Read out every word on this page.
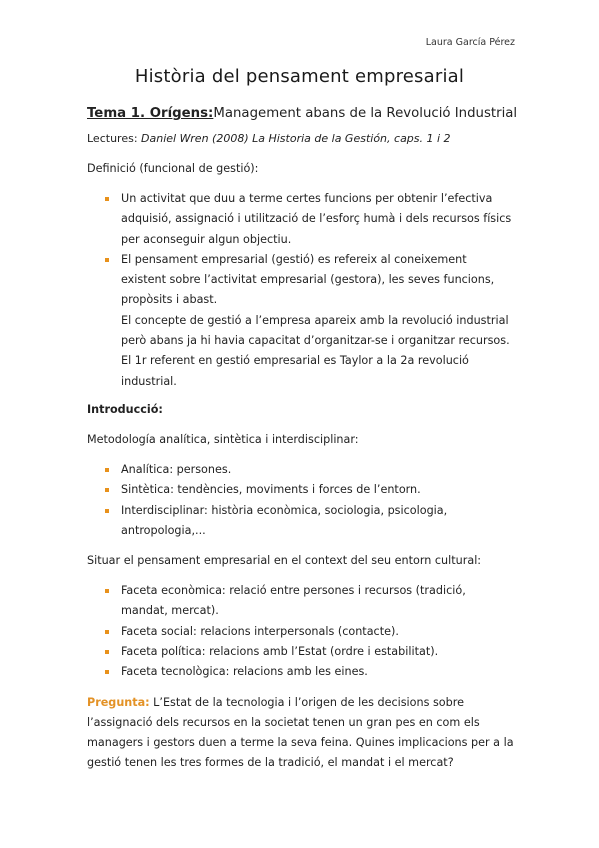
Laura García Pérez
Història del pensament empresarial
Tema 1. Orígens: Management abans de la Revolució Industrial

Lectures: Daniel Wren (2008) La Historia de la Gestión, caps. 1 i 2

Definició (funcional de gestió):

Un activitat que duu a terme certes funcions per obtenir l’efectiva adquisió, assignació i utilització de l’esforç humà i dels recursos físics per aconseguir algun objectiu.
El pensament empresarial (gestió) es refereix al coneixement existent sobre l’activitat empresarial (gestora), les seves funcions, propòsits i abast.
El concepte de gestió a l’empresa apareix amb la revolució industrial però abans ja hi havia capacitat d’organitzar-se i organitzar recursos.
El 1r referent en gestió empresarial es Taylor a la 2a revolució industrial.

Introducció:

Metodología analítica, sintètica i interdisciplinar:

Analítica: persones.
Sintètica: tendències, moviments i forces de l’entorn.
Interdisciplinar: història econòmica, sociologia, psicologia, antropologia,...

Situar el pensament empresarial en el context del seu entorn cultural:

Faceta econòmica: relació entre persones i recursos (tradició, mandat, mercat).
Faceta social: relacions interpersonals (contacte).
Faceta política: relacions amb l’Estat (ordre i estabilitat).
Faceta tecnològica: relacions amb les eines.

Pregunta: L’Estat de la tecnologia i l’origen de les decisions sobre l’assignació dels recursos en la societat tenen un gran pes en com els managers i gestors duen a terme la seva feina. Quines implicacions per a la gestió tenen les tres formes de la tradició, el mandat i el mercat?
